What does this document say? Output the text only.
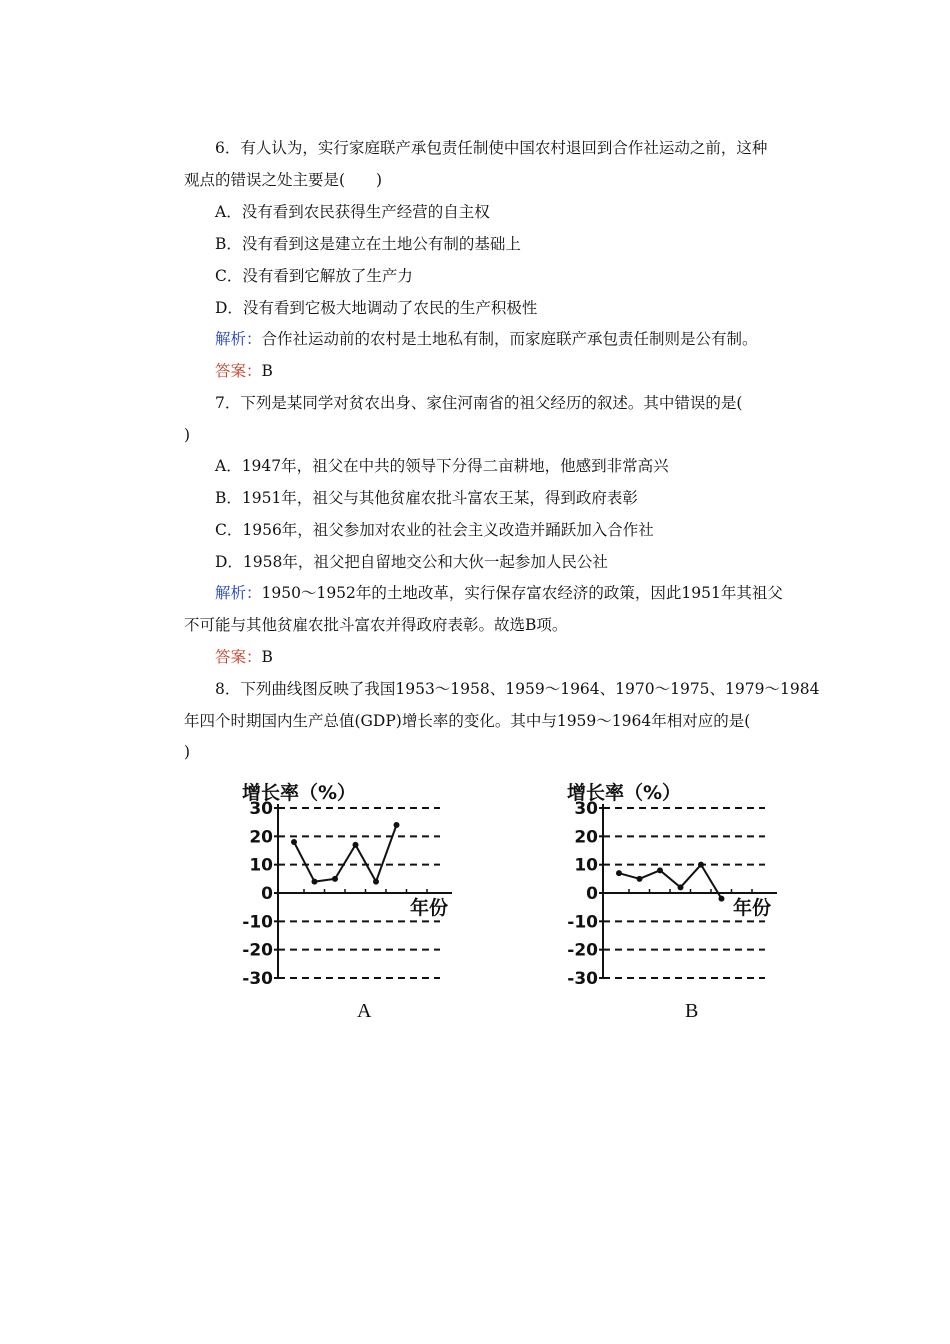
6．有人认为，实行家庭联产承包责任制使中国农村退回到合作社运动之前，这种
观点的错误之处主要是(　　)
A．没有看到农民获得生产经营的自主权
B．没有看到这是建立在土地公有制的基础上
C．没有看到它解放了生产力
D．没有看到它极大地调动了农民的生产积极性
解析：合作社运动前的农村是土地私有制，而家庭联产承包责任制则是公有制。
答案：B
7．下列是某同学对贫农出身、家住河南省的祖父经历的叙述。其中错误的是(
)
A．1947年，祖父在中共的领导下分得二亩耕地，他感到非常高兴
B．1951年，祖父与其他贫雇农批斗富农王某，得到政府表彰
C．1956年，祖父参加对农业的社会主义改造并踊跃加入合作社
D．1958年，祖父把自留地交公和大伙一起参加人民公社
解析：1950～1952年的土地改革，实行保存富农经济的政策，因此1951年其祖父
不可能与其他贫雇农批斗富农并得政府表彰。故选B项。
答案：B
8．下列曲线图反映了我国1953～1958、1959～1964、1970～1975、1979～1984
年四个时期国内生产总值(GDP)增长率的变化。其中与1959～1964年相对应的是(
)
增长率（%）
30
20
10
0
-10
-20
-30
年份
增长率（%）
30
20
10
0
-10
-20
-30
年份
A	B
